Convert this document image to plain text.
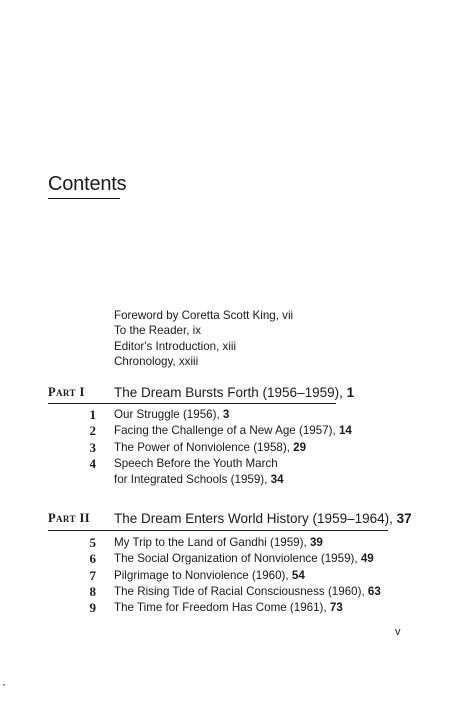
Contents
Foreword by Coretta Scott King, vii
To the Reader, ix
Editor's Introduction, xiii
Chronology, xxiii
Part I The Dream Bursts Forth (1956–1959), 1
1 Our Struggle (1956), 3
2 Facing the Challenge of a New Age (1957), 14
3 The Power of Nonviolence (1958), 29
4 Speech Before the Youth March
for Integrated Schools (1959), 34
Part II The Dream Enters World History (1959–1964), 37
5 My Trip to the Land of Gandhi (1959), 39
6 The Social Organization of Nonviolence (1959), 49
7 Pilgrimage to Nonviolence (1960), 54
8 The Rising Tide of Racial Consciousness (1960), 63
9 The Time for Freedom Has Come (1961), 73
v
